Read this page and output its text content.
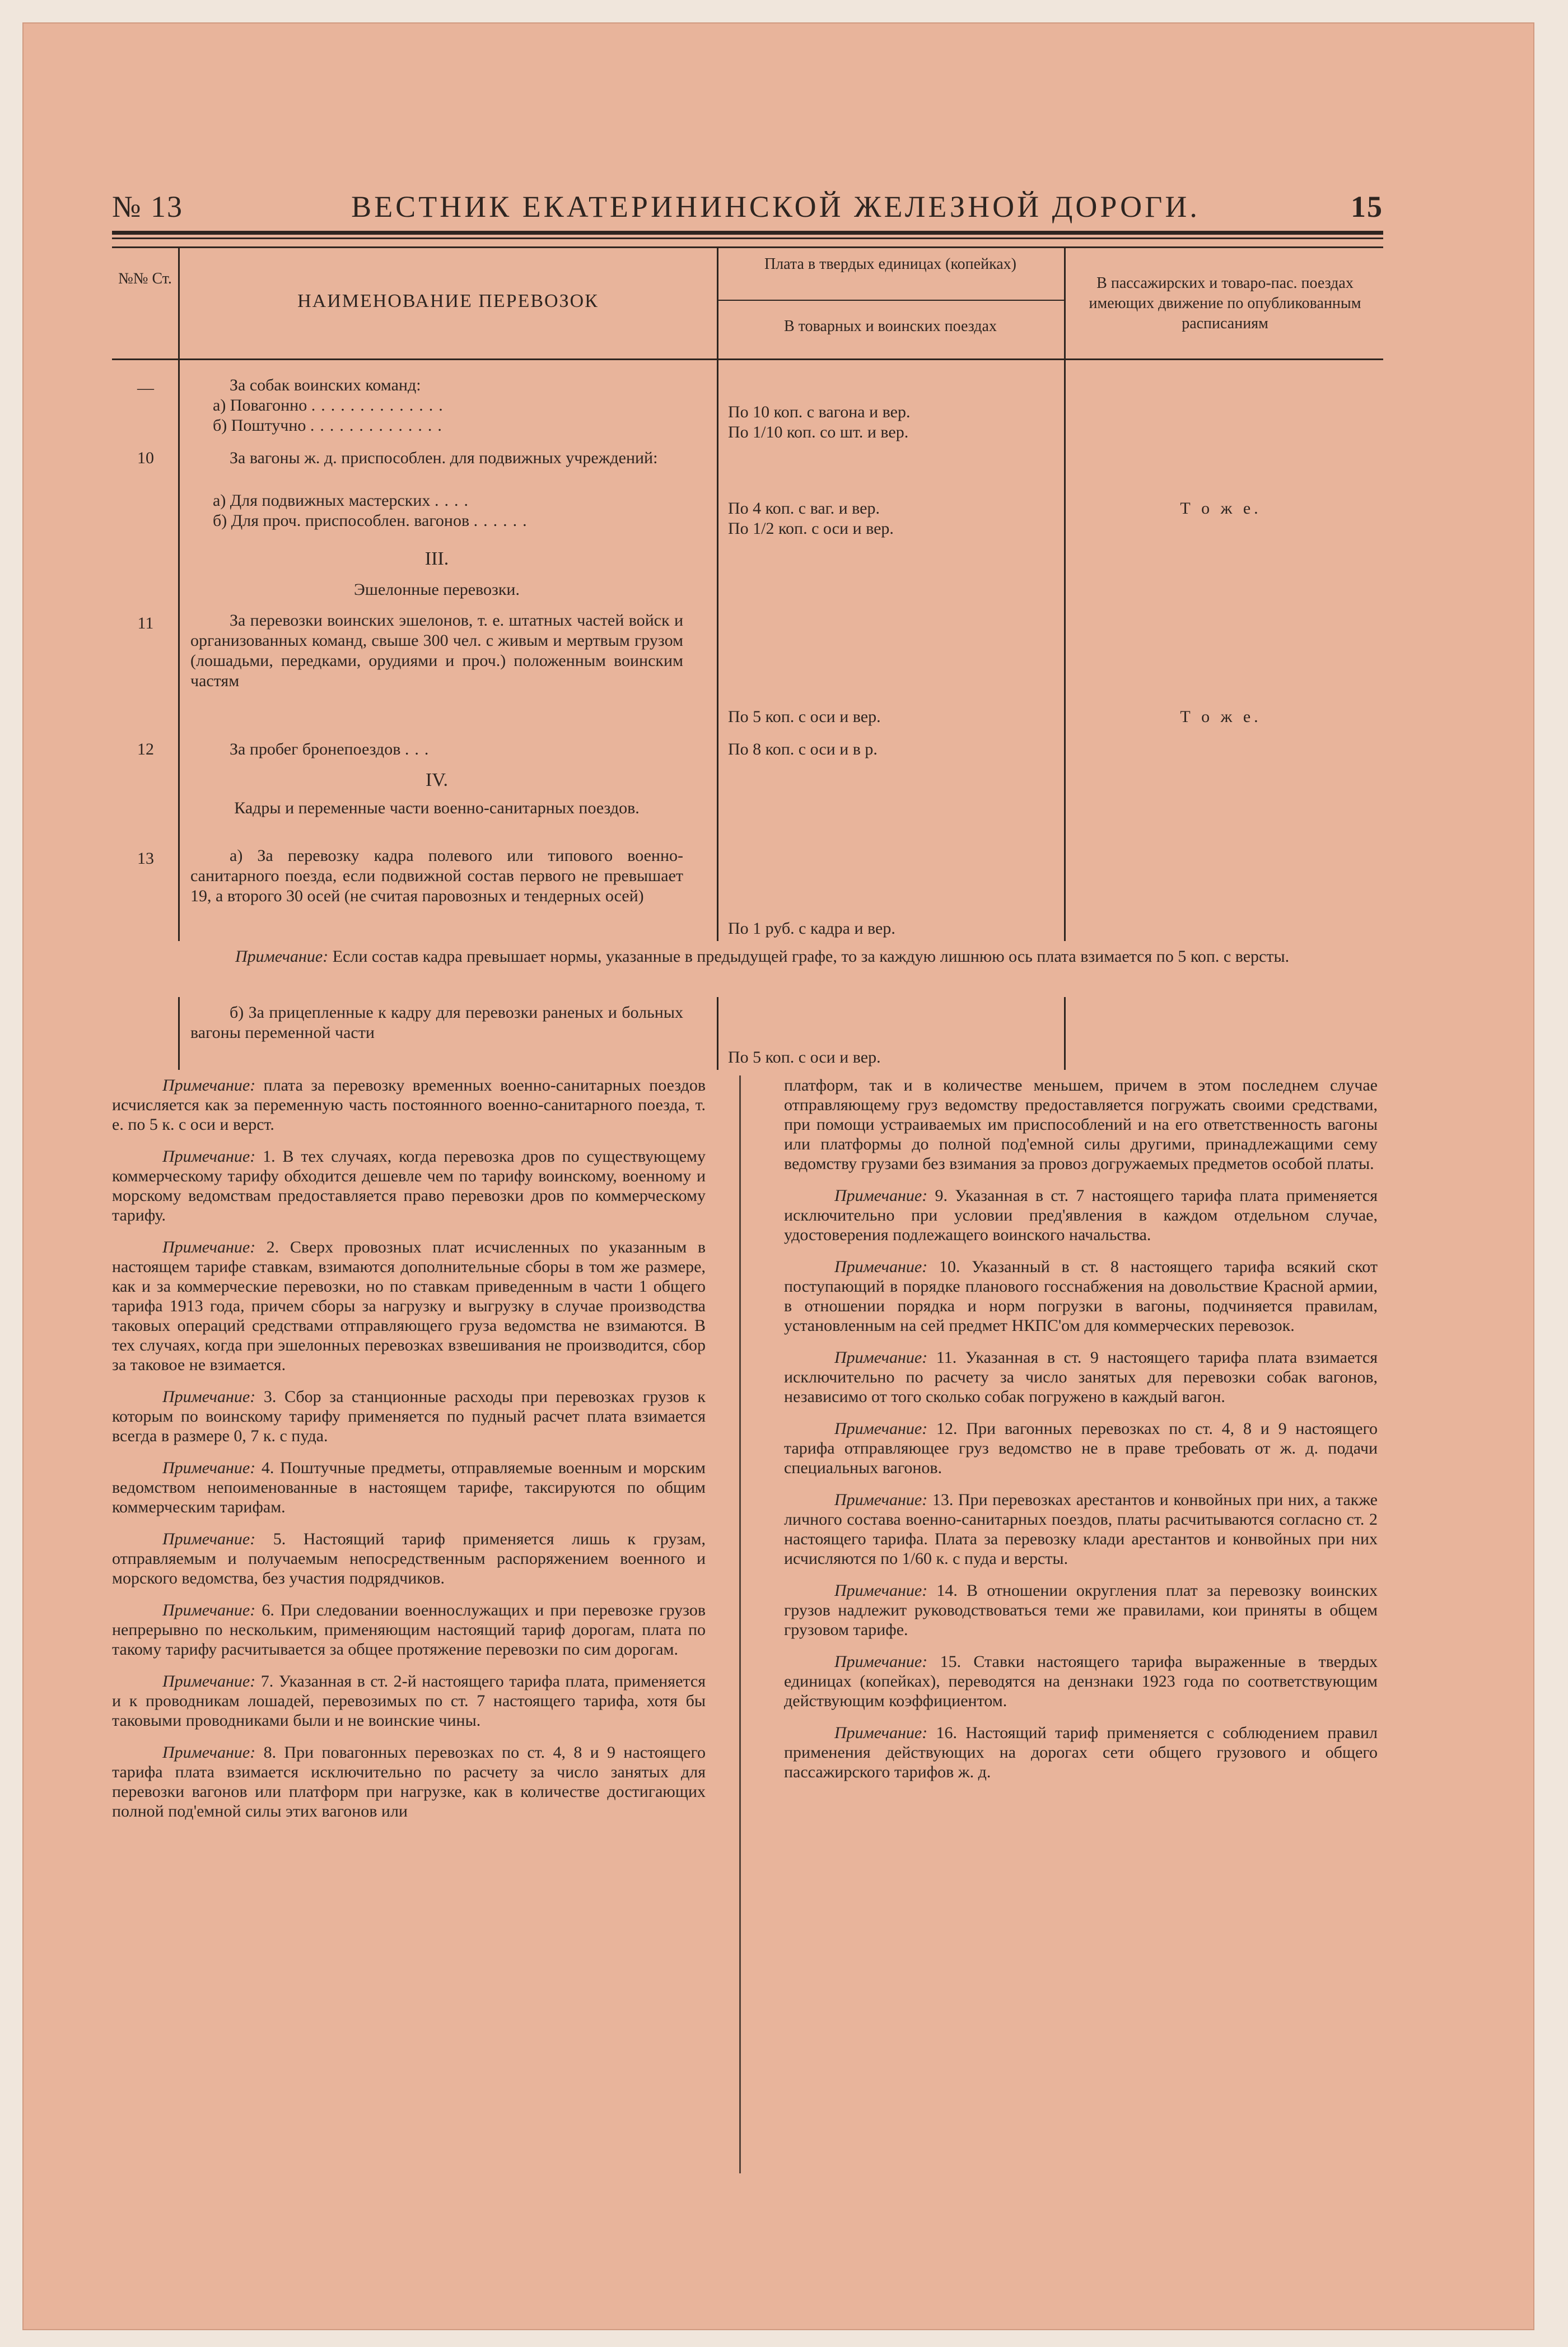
№ 13	ВЕСТНИК ЕКАТЕРИНИНСКОЙ ЖЕЛЕЗНОЙ ДОРОГИ.	15
№№ Ст.
НАИМЕНОВАНИЕ ПЕРЕВОЗОК
Плата в твердых единицах (копейках)
В товарных и воинских поездах
В пассажирских и товаро-пас. поездах имеющих движение по опубликованным расписаниям
—	За собак воинских команд:
а) Повагонно ..............	По 10 коп. с вагона и вер.
б) Поштучно ..............	По 1/10 коп. со шт. и вер.
10	За вагоны ж. д. приспособлен. для подвижных учреждений:
а) Для подвижных мастерских ....	По 4 коп. с ваг. и вер.	Т о ж е.
б) Для проч. приспособлен. вагонов ......	По 1/2 коп. с оси и вер.
III.
Эшелонные перевозки.
11	За перевозки воинских эшелонов, т. е. штатных частей войск и организованных команд, свыше 300 чел. с живым и мертвым грузом (лошадьми, передками, орудиями и проч.) положенным воинским частям
По 5 коп. с оси и вер.	Т о ж е.
12	За пробег бронепоездов ...	По 8 коп. с оси и в р.
IV.
Кадры и переменные части военно-санитарных поездов.
13	а) За перевозку кадра полевого или типового военно-санитарного поезда, если подвижной состав первого не превышает 19, а второго 30 осей (не считая паровозных и тендерных осей)
По 1 руб. с кадра и вер.
Примечание: Если состав кадра превышает нормы, указанные в предыдущей графе, то за каждую лишнюю ось плата взимается по 5 коп. с версты.
б) За прицепленные к кадру для перевозки раненых и больных вагоны переменной части
По 5 коп. с оси и вер.

Примечание: плата за перевозку временных военно-санитарных поездов исчисляется как за переменную часть постоянного военно-санитарного поезда, т. е. по 5 к. с оси и верст.

Примечание: 1. В тех случаях, когда перевозка дров по существующему коммерческому тарифу обходится дешевле чем по тарифу воинскому, военному и морскому ведомствам предоставляется право перевозки дров по коммерческому тарифу.

Примечание: 2. Сверх провозных плат исчисленных по указанным в настоящем тарифе ставкам, взимаются дополнительные сборы в том же размере, как и за коммерческие перевозки, но по ставкам приведенным в части 1 общего тарифа 1913 года, причем сборы за нагрузку и выгрузку в случае производства таковых операций средствами отправляющего груза ведомства не взимаются. В тех случаях, когда при эшелонных перевозках взвешивания не производится, сбор за таковое не взимается.

Примечание: 3. Сбор за станционные расходы при перевозках грузов к которым по воинскому тарифу применяется по пудный расчет плата взимается всегда в размере 0, 7 к. с пуда.

Примечание: 4. Поштучные предметы, отправляемые военным и морским ведомством непоименованные в настоящем тарифе, таксируются по общим коммерческим тарифам.

Примечание: 5. Настоящий тариф применяется лишь к грузам, отправляемым и получаемым непосредственным распоряжением военного и морского ведомства, без участия подрядчиков.

Примечание: 6. При следовании военнослужащих и при перевозке грузов непрерывно по нескольким, применяющим настоящий тариф дорогам, плата по такому тарифу расчитывается за общее протяжение перевозки по сим дорогам.

Примечание: 7. Указанная в ст. 2-й настоящего тарифа плата, применяется и к проводникам лошадей, перевозимых по ст. 7 настоящего тарифа, хотя бы таковыми проводниками были и не воинские чины.

Примечание: 8. При повагонных перевозках по ст. 4, 8 и 9 настоящего тарифа плата взимается исключительно по расчету за число занятых для перевозки вагонов или платформ при нагрузке, как в количестве достигающих полной под'емной силы этих вагонов или

платформ, так и в количестве меньшем, причем в этом последнем случае отправляющему груз ведомству предоставляется погружать своими средствами, при помощи устраиваемых им приспособлений и на его ответственность вагоны или платформы до полной под'емной силы другими, принадлежащими сему ведомству грузами без взимания за провоз догружаемых предметов особой платы.

Примечание: 9. Указанная в ст. 7 настоящего тарифа плата применяется исключительно при условии пред'явления в каждом отдельном случае, удостоверения подлежащего воинского начальства.

Примечание: 10. Указанный в ст. 8 настоящего тарифа всякий скот поступающий в порядке планового госснабжения на довольствие Красной армии, в отношении порядка и норм погрузки в вагоны, подчиняется правилам, установленным на сей предмет НКПС'ом для коммерческих перевозок.

Примечание: 11. Указанная в ст. 9 настоящего тарифа плата взимается исключительно по расчету за число занятых для перевозки собак вагонов, независимо от того сколько собак погружено в каждый вагон.

Примечание: 12. При вагонных перевозках по ст. 4, 8 и 9 настоящего тарифа отправляющее груз ведомство не в праве требовать от ж. д. подачи специальных вагонов.

Примечание: 13. При перевозках арестантов и конвойных при них, а также личного состава военно-санитарных поездов, платы расчитываются согласно ст. 2 настоящего тарифа. Плата за перевозку клади арестантов и конвойных при них исчисляются по 1/60 к. с пуда и версты.

Примечание: 14. В отношении округления плат за перевозку воинских грузов надлежит руководствоваться теми же правилами, кои приняты в общем грузовом тарифе.

Примечание: 15. Ставки настоящего тарифа выраженные в твердых единицах (копейках), переводятся на дензнаки 1923 года по соответствующим действующим коэффициентом.

Примечание: 16. Настоящий тариф применяется с соблюдением правил применения действующих на дорогах сети общего грузового и общего пассажирского тарифов ж. д.
